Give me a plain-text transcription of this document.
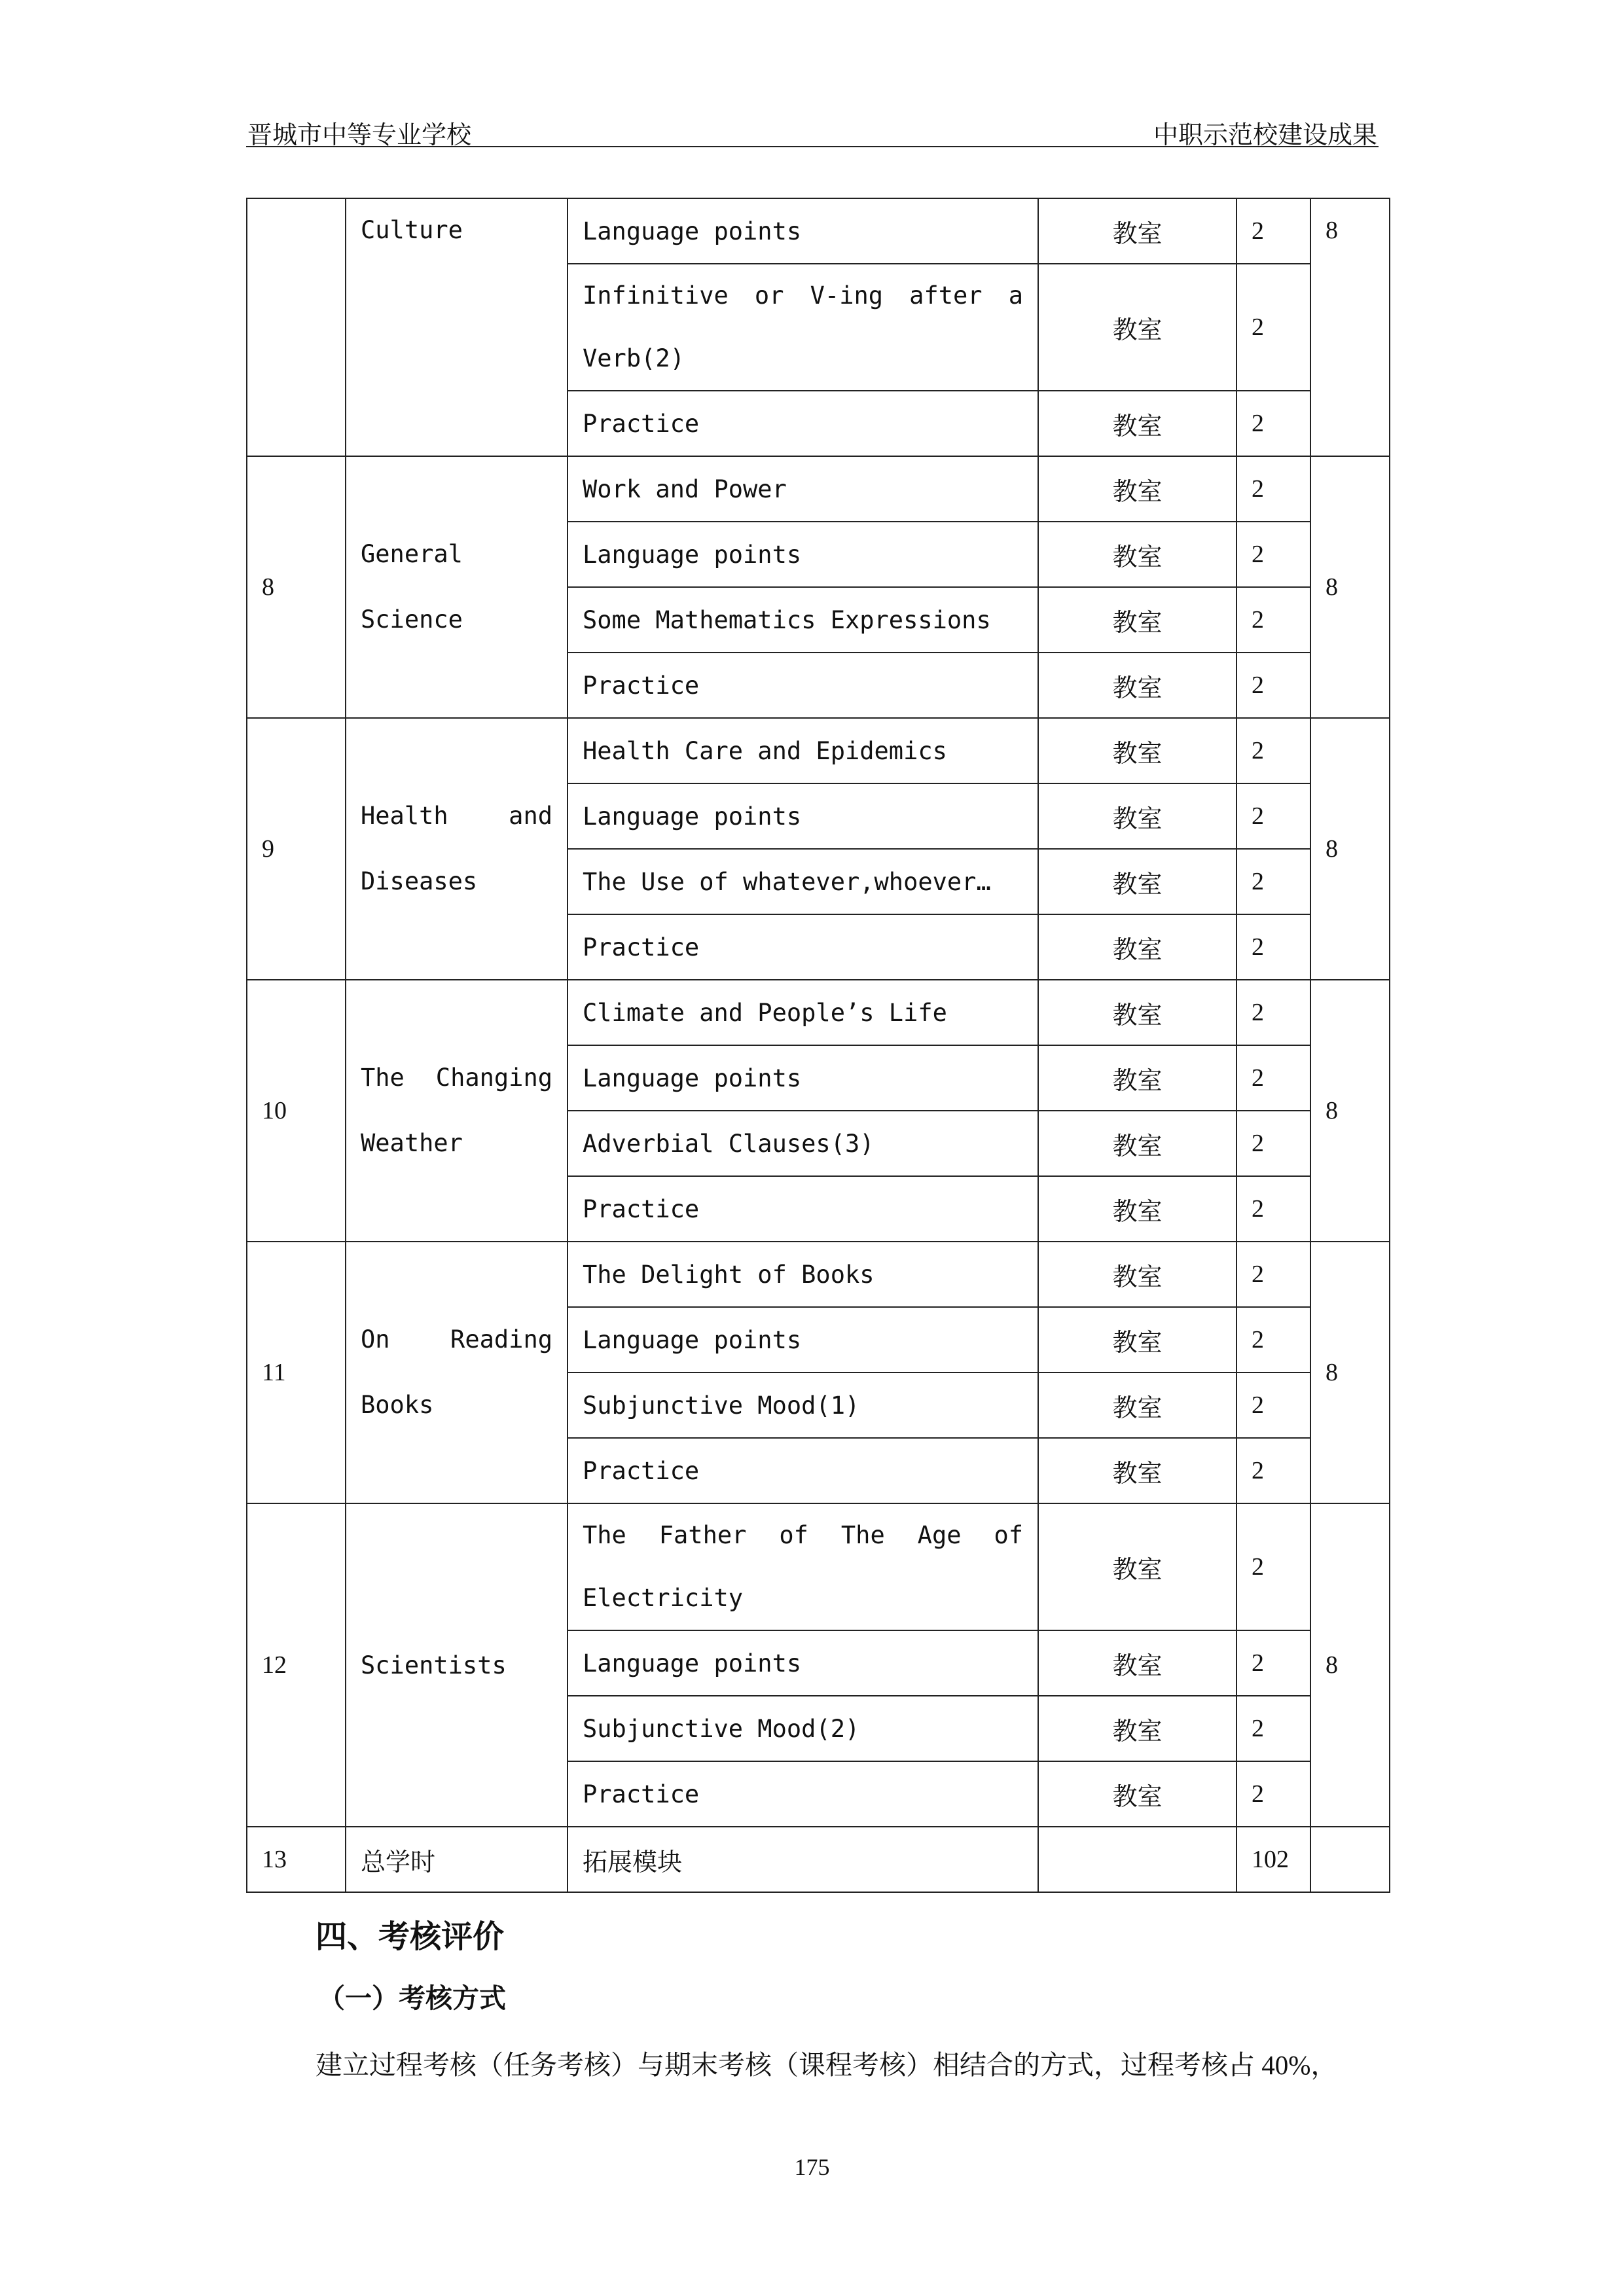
晋城市中等专业学校	中职示范校建设成果
	Culture	Language points	教室	2	8
		Infinitive or V-ing after a Verb(2)	教室	2	

		Practice	教室	2	
8	General Science	Work and Power	教室	2	8
		Language points	教室	2	
		Some Mathematics Expressions	教室	2	
		Practice	教室	2	
9	Health and Diseases	Health Care and Epidemics	教室	2	8
		Language points	教室	2	
		The Use of whatever,whoever…	教室	2	
		Practice	教室	2	
10	The Changing Weather	Climate and People’s Life	教室	2	8
		Language points	教室	2	
		Adverbial Clauses(3)	教室	2	
		Practice	教室	2	
11	On Reading Books	The Delight of Books	教室	2	8
		Language points	教室	2	
		Subjunctive Mood(1)	教室	2	
		Practice	教室	2	
12	Scientists	The Father of The Age of Electricity	教室	2	8

		Language points	教室	2	
		Subjunctive Mood(2)	教室	2	
		Practice	教室	2	
13	总学时	拓展模块		102	
四、考核评价
（一）考核方式
建立过程考核（任务考核）与期末考核（课程考核）相结合的方式，过程考核占 40%，
175
